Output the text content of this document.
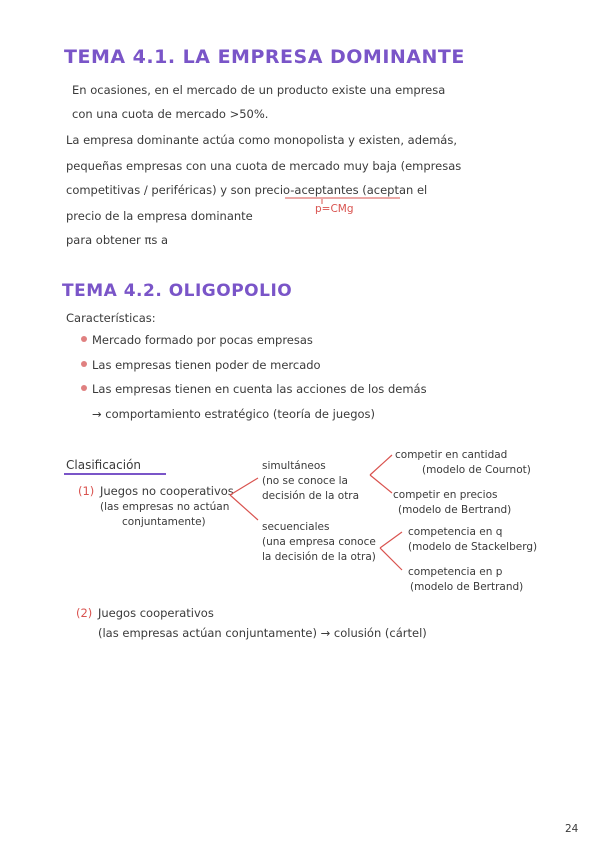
TEMA 4.1. LA EMPRESA DOMINANTE
En ocasiones, en el mercado de un producto existe una empresa
con una cuota de mercado >50%.
La empresa dominante actúa como monopolista y existen, además,
pequeñas empresas con una cuota de mercado muy baja (empresas
competitivas / periféricas) y son precio-aceptantes (aceptan el
p=CMg
precio de la empresa dominante
para obtener πs a
TEMA 4.2. OLIGOPOLIO
Características:
Mercado formado por pocas empresas
Las empresas tienen poder de mercado
Las empresas tienen en cuenta las acciones de los demás
→ comportamiento estratégico (teoría de juegos)
Clasificación
(1) Juegos no cooperativos
(las empresas no actúan
conjuntamente)
simultáneos
(no se conoce la
decisión de la otra
secuenciales
(una empresa conoce
la decisión de la otra)
competir en cantidad
(modelo de Cournot)
competir en precios
(modelo de Bertrand)
competencia en q
(modelo de Stackelberg)
competencia en p
(modelo de Bertrand)
(2) Juegos cooperativos
(las empresas actúan conjuntamente) → colusión (cártel)
24
